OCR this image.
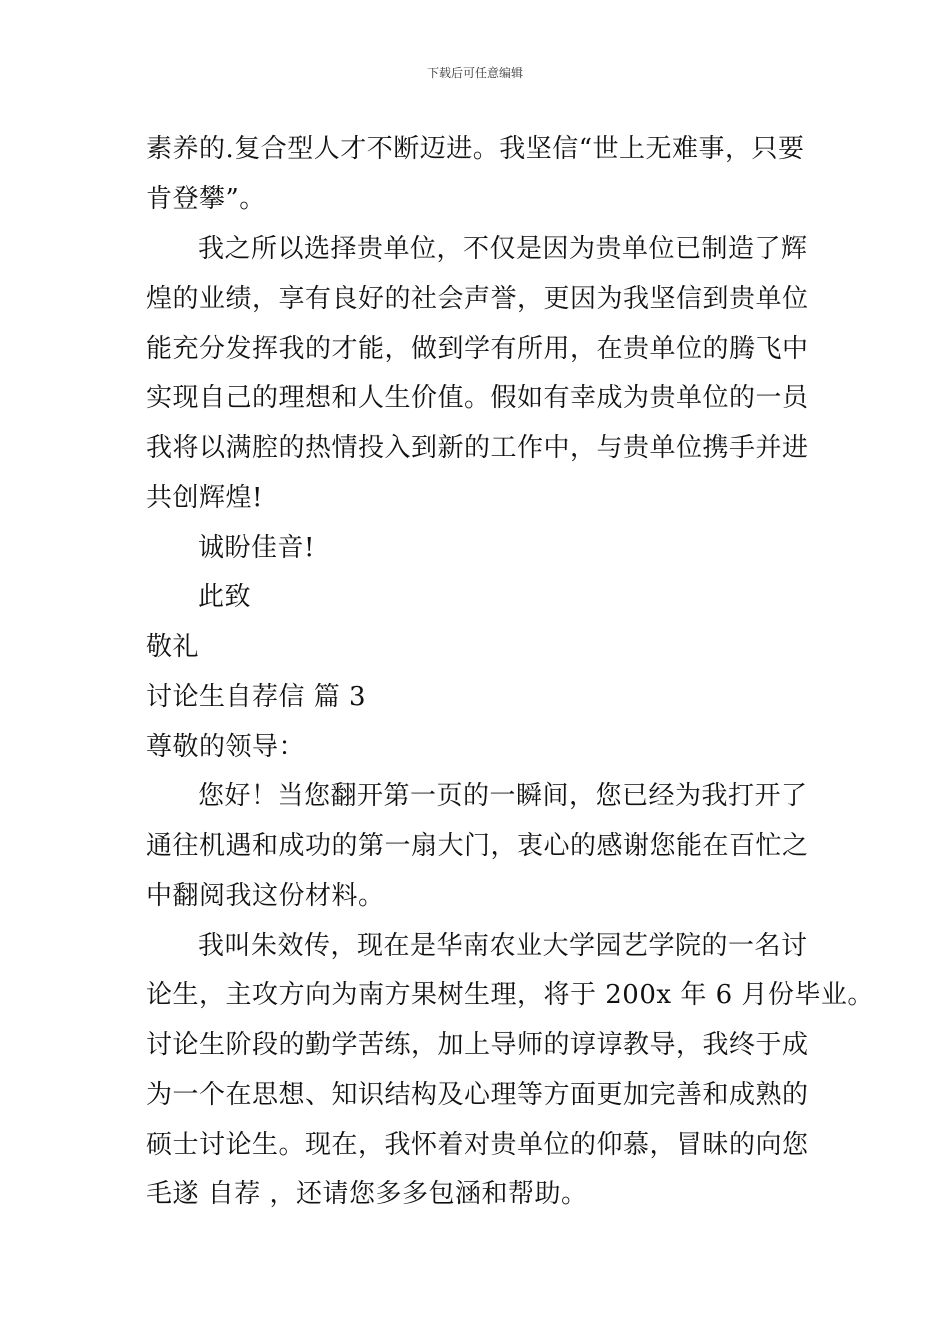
下载后可任意编辑
素养的.复合型人才不断迈进。我坚信“世上无难事，只要
肯登攀”。
我之所以选择贵单位，不仅是因为贵单位已制造了辉
煌的业绩，享有良好的社会声誉，更因为我坚信到贵单位
能充分发挥我的才能，做到学有所用，在贵单位的腾飞中
实现自己的理想和人生价值。假如有幸成为贵单位的一员
我将以满腔的热情投入到新的工作中，与贵单位携手并进
共创辉煌!
诚盼佳音!
此致
敬礼
讨论生自荐信 篇 3
尊敬的领导：
您好！当您翻开第一页的一瞬间，您已经为我打开了
通往机遇和成功的第一扇大门，衷心的感谢您能在百忙之
中翻阅我这份材料。
我叫朱效传，现在是华南农业大学园艺学院的一名讨
论生，主攻方向为南方果树生理，将于 200x 年 6 月份毕业。
讨论生阶段的勤学苦练，加上导师的谆谆教导，我终于成
为一个在思想、知识结构及心理等方面更加完善和成熟的
硕士讨论生。现在，我怀着对贵单位的仰慕，冒昧的向您
毛遂 自荐 ，还请您多多包涵和帮助。
